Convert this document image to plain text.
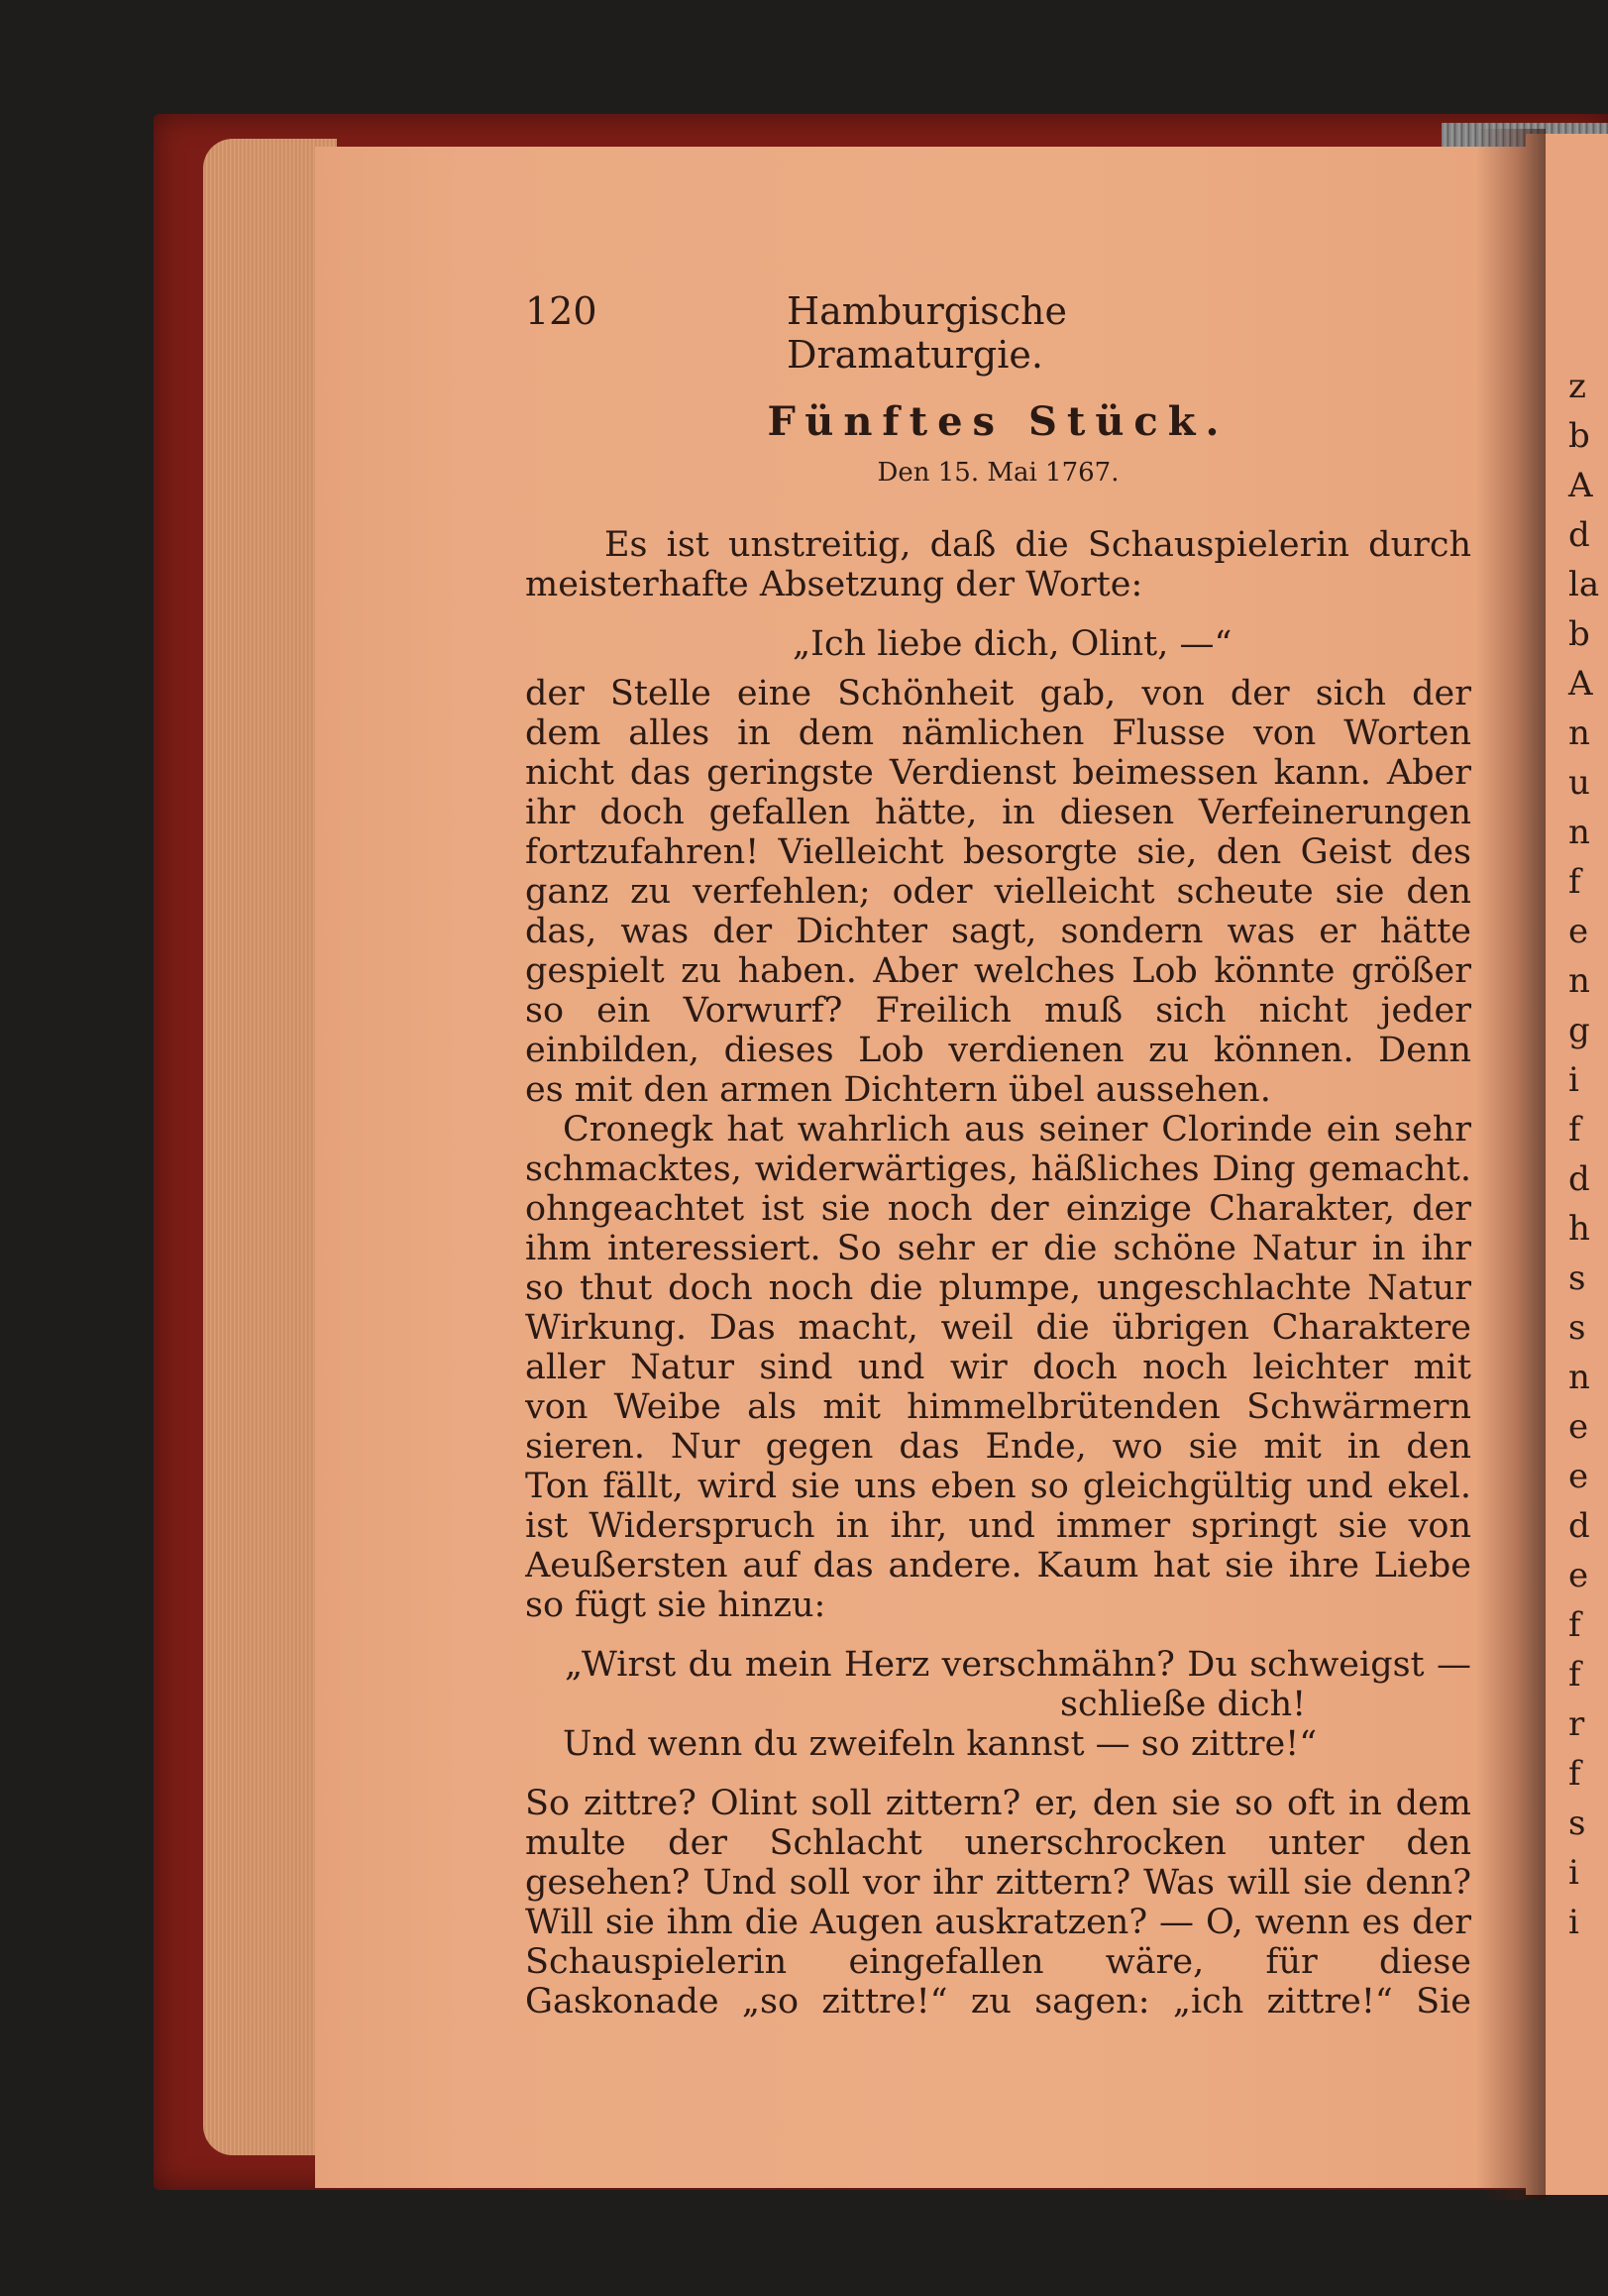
120	Hamburgische Dramaturgie.
Fünftes Stück.
Den 15. Mai 1767.
Es ist unstreitig, daß die Schauspielerin durch
meisterhafte Absetzung der Worte:
„Ich liebe dich, Olint, —“
der Stelle eine Schönheit gab, von der sich der
dem alles in dem nämlichen Flusse von Worten
nicht das geringste Verdienst beimessen kann. Aber
ihr doch gefallen hätte, in diesen Verfeinerungen
fortzufahren! Vielleicht besorgte sie, den Geist des
ganz zu verfehlen; oder vielleicht scheute sie den
das, was der Dichter sagt, sondern was er hätte
gespielt zu haben. Aber welches Lob könnte größer
so ein Vorwurf? Freilich muß sich nicht jeder
einbilden, dieses Lob verdienen zu können. Denn
es mit den armen Dichtern übel aussehen.
Cronegk hat wahrlich aus seiner Clorinde ein sehr
schmacktes, widerwärtiges, häßliches Ding gemacht.
ohngeachtet ist sie noch der einzige Charakter, der
ihm interessiert. So sehr er die schöne Natur in ihr
so thut doch noch die plumpe, ungeschlachte Natur
Wirkung. Das macht, weil die übrigen Charaktere
aller Natur sind und wir doch noch leichter mit
von Weibe als mit himmelbrütenden Schwärmern
sieren. Nur gegen das Ende, wo sie mit in den
Ton fällt, wird sie uns eben so gleichgültig und ekel.
ist Widerspruch in ihr, und immer springt sie von
Aeußersten auf das andere. Kaum hat sie ihre Liebe
so fügt sie hinzu:
„Wirst du mein Herz verschmähn? Du schweigst —
schließe dich!
Und wenn du zweifeln kannst — so zittre!“
So zittre? Olint soll zittern? er, den sie so oft in dem
multe der Schlacht unerschrocken unter den
gesehen? Und soll vor ihr zittern? Was will sie denn?
Will sie ihm die Augen auskratzen? — O, wenn es der
Schauspielerin eingefallen wäre, für diese
Gaskonade „so zittre!“ zu sagen: „ich zittre!“ Sie
z
b
A
d
la
b
A
n
u
n
f
e
n
g
i
f
d
h
s
s
n
e
e
d
e
f
f
r
f
s
i
i
